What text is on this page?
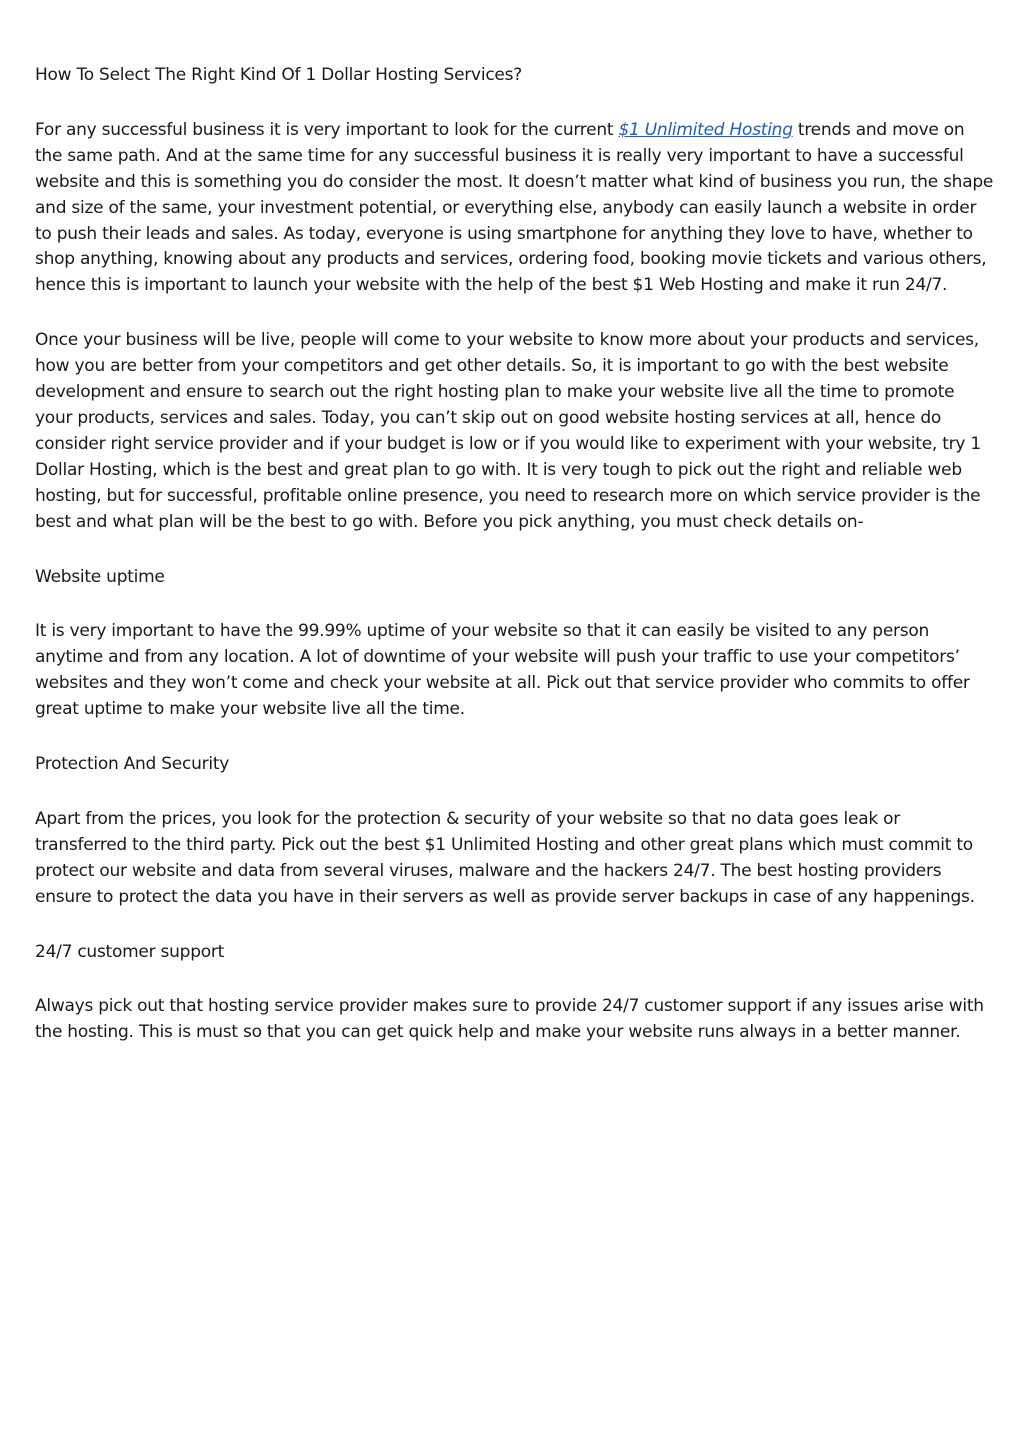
How To Select The Right Kind Of 1 Dollar Hosting Services?

For any successful business it is very important to look for the current $1 Unlimited Hosting trends and move on the same path. And at the same time for any successful business it is really very important to have a successful website and this is something you do consider the most. It doesn’t matter what kind of business you run, the shape and size of the same, your investment potential, or everything else, anybody can easily launch a website in order to push their leads and sales. As today, everyone is using smartphone for anything they love to have, whether to shop anything, knowing about any products and services, ordering food, booking movie tickets and various others, hence this is important to launch your website with the help of the best $1 Web Hosting and make it run 24/7.

Once your business will be live, people will come to your website to know more about your products and services, how you are better from your competitors and get other details. So, it is important to go with the best website development and ensure to search out the right hosting plan to make your website live all the time to promote your products, services and sales. Today, you can’t skip out on good website hosting services at all, hence do consider right service provider and if your budget is low or if you would like to experiment with your website, try 1 Dollar Hosting, which is the best and great plan to go with. It is very tough to pick out the right and reliable web hosting, but for successful, profitable online presence, you need to research more on which service provider is the best and what plan will be the best to go with. Before you pick anything, you must check details on-

Website uptime

It is very important to have the 99.99% uptime of your website so that it can easily be visited to any person anytime and from any location. A lot of downtime of your website will push your traffic to use your competitors’ websites and they won’t come and check your website at all. Pick out that service provider who commits to offer great uptime to make your website live all the time.

Protection And Security

Apart from the prices, you look for the protection & security of your website so that no data goes leak or transferred to the third party. Pick out the best $1 Unlimited Hosting and other great plans which must commit to protect our website and data from several viruses, malware and the hackers 24/7. The best hosting providers ensure to protect the data you have in their servers as well as provide server backups in case of any happenings.

24/7 customer support

Always pick out that hosting service provider makes sure to provide 24/7 customer support if any issues arise with the hosting. This is must so that you can get quick help and make your website runs always in a better manner.
